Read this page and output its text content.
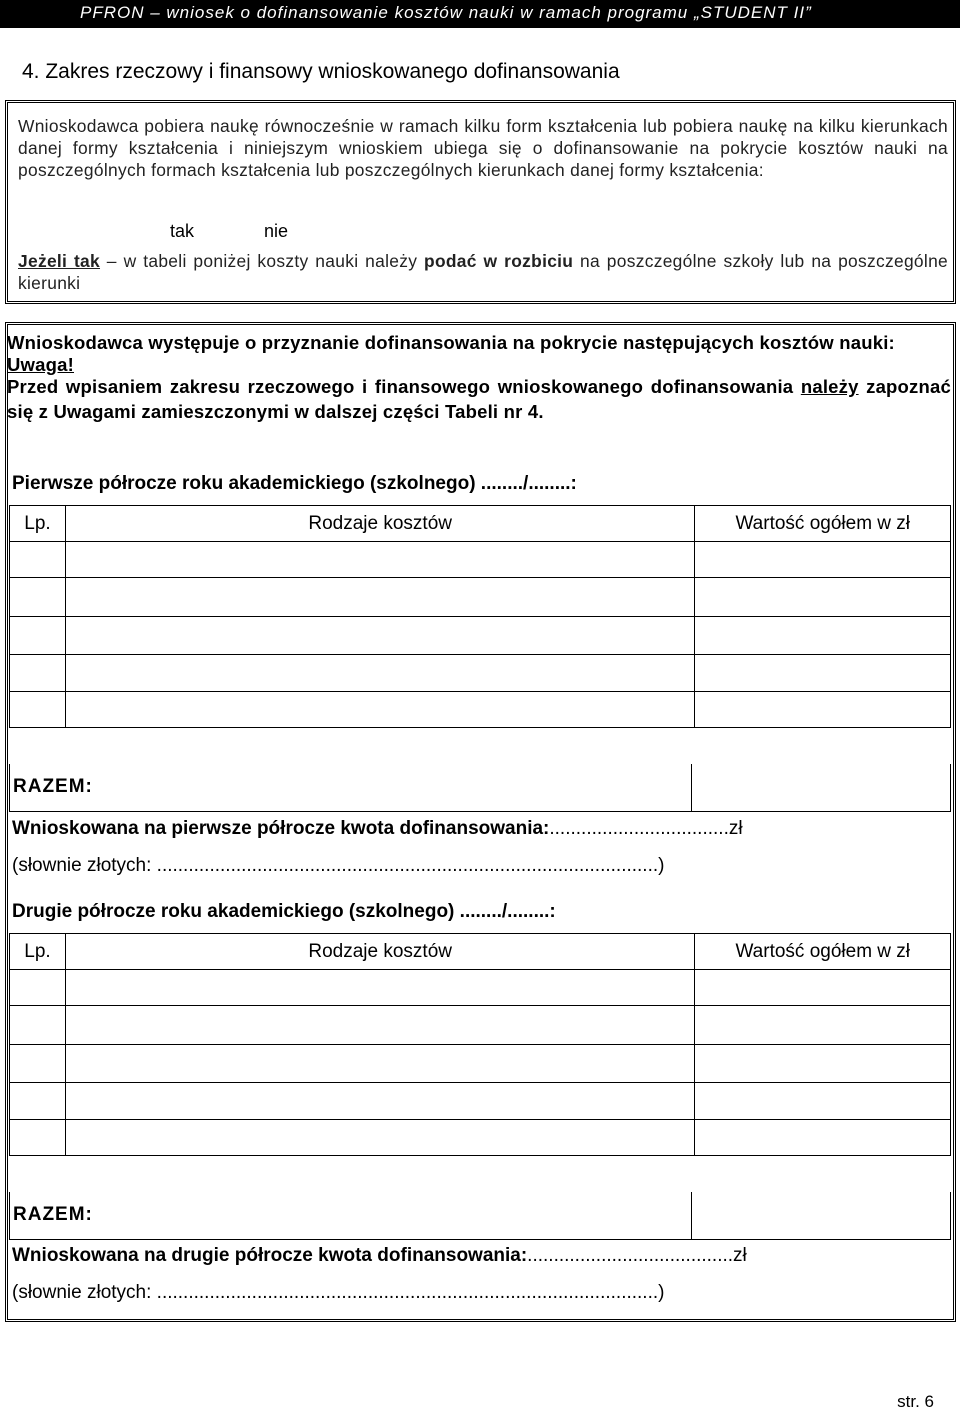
PFRON – wniosek o dofinansowanie kosztów nauki w ramach programu „STUDENT II”
4. Zakres rzeczowy i finansowy wnioskowanego dofinansowania
Wnioskodawca pobiera naukę równocześnie w ramach kilku form kształcenia lub pobiera naukę na kilku kierunkach danej formy kształcenia i niniejszym wnioskiem ubiega się o dofinansowanie na pokrycie kosztów nauki na poszczególnych formach kształcenia lub poszczególnych kierunkach danej formy kształcenia:
tak	nie
Jeżeli tak – w tabeli poniżej koszty nauki należy podać w rozbiciu na poszczególne szkoły lub na poszczególne kierunki
Wnioskodawca występuje o przyznanie dofinansowania na pokrycie następujących kosztów nauki:
Uwaga!
Przed wpisaniem zakresu rzeczowego i finansowego wnioskowanego dofinansowania należy zapoznać się z Uwagami zamieszczonymi w dalszej części Tabeli nr 4.
Pierwsze półrocze roku akademickiego (szkolnego) ......../........:
Lp.	Rodzaje kosztów	Wartość ogółem w zł

RAZEM:
Wnioskowana na pierwsze półrocze kwota dofinansowania:..................................zł
(słownie złotych: ...............................................................................................)
Drugie półrocze roku akademickiego (szkolnego) ......../........:
Lp.	Rodzaje kosztów	Wartość ogółem w zł

RAZEM:
Wnioskowana na drugie półrocze kwota dofinansowania:.......................................zł
(słownie złotych: ...............................................................................................)
str. 6
